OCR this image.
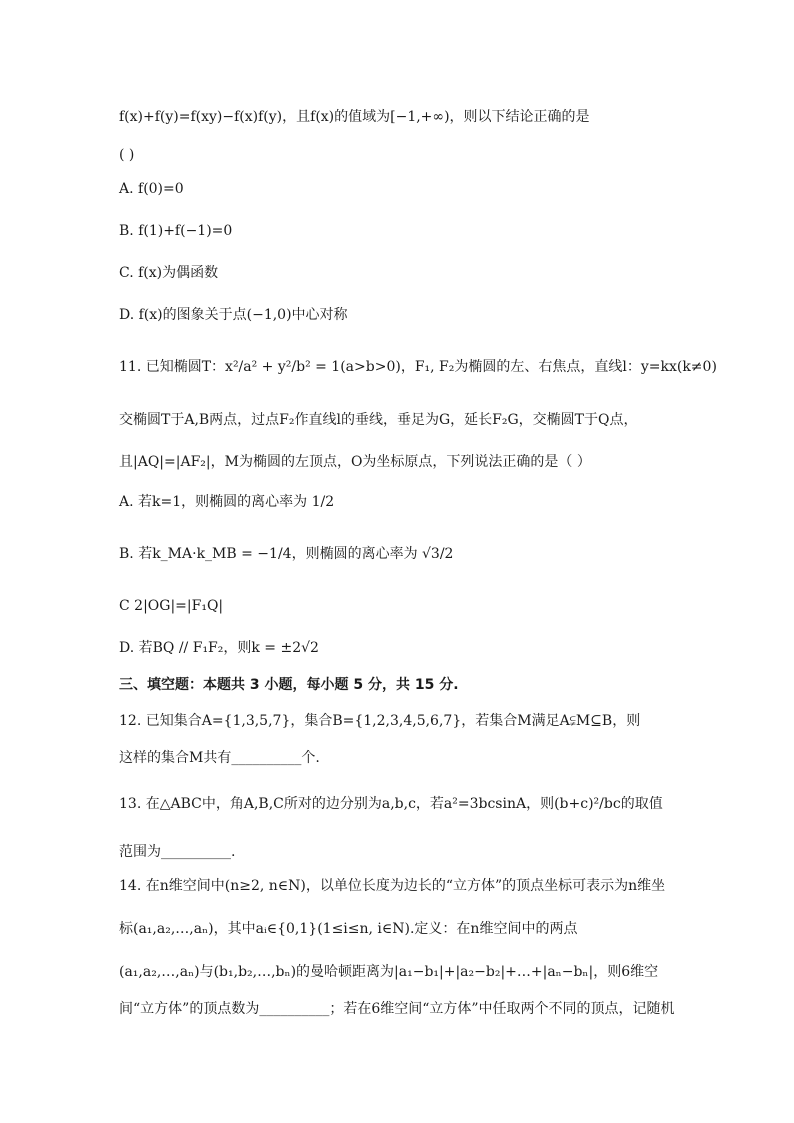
f(x)+f(y)=f(xy)−f(x)f(y)，且f(x)的值域为[−1,+∞)，则以下结论正确的是
( )
A. f(0)=0
B. f(1)+f(−1)=0
C. f(x)为偶函数
D. f(x)的图象关于点(−1,0)中心对称
11. 已知椭圆T：x²/a² + y²/b² = 1(a>b>0)，F₁, F₂为椭圆的左、右焦点，直线l：y=kx(k≠0)
交椭圆T于A,B两点，过点F₂作直线l的垂线，垂足为G，延长F₂G，交椭圆T于Q点，
且|AQ|=|AF₂|，M为椭圆的左顶点，O为坐标原点，下列说法正确的是（ ）
A. 若k=1，则椭圆的离心率为 1/2
B. 若k_MA·k_MB = −1/4，则椭圆的离心率为 √3/2
C 2|OG|=|F₁Q|
D. 若BQ // F₁F₂，则k = ±2√2
三、填空题：本题共 3 小题，每小题 5 分，共 15 分.
12. 已知集合A={1,3,5,7}，集合B={1,2,3,4,5,6,7}，若集合M满足A⫋M⊆B，则
这样的集合M共有__________个.
13. 在△ABC中，角A,B,C所对的边分别为a,b,c，若a²=3bcsinA，则(b+c)²/bc的取值
范围为__________.
14. 在n维空间中(n≥2, n∈N)，以单位长度为边长的“立方体”的顶点坐标可表示为n维坐
标(a₁,a₂,…,aₙ)，其中aᵢ∈{0,1}(1≤i≤n, i∈N).定义：在n维空间中的两点
(a₁,a₂,…,aₙ)与(b₁,b₂,…,bₙ)的曼哈顿距离为|a₁−b₁|+|a₂−b₂|+…+|aₙ−bₙ|，则6维空
间“立方体”的顶点数为__________；若在6维空间“立方体”中任取两个不同的顶点，记随机
